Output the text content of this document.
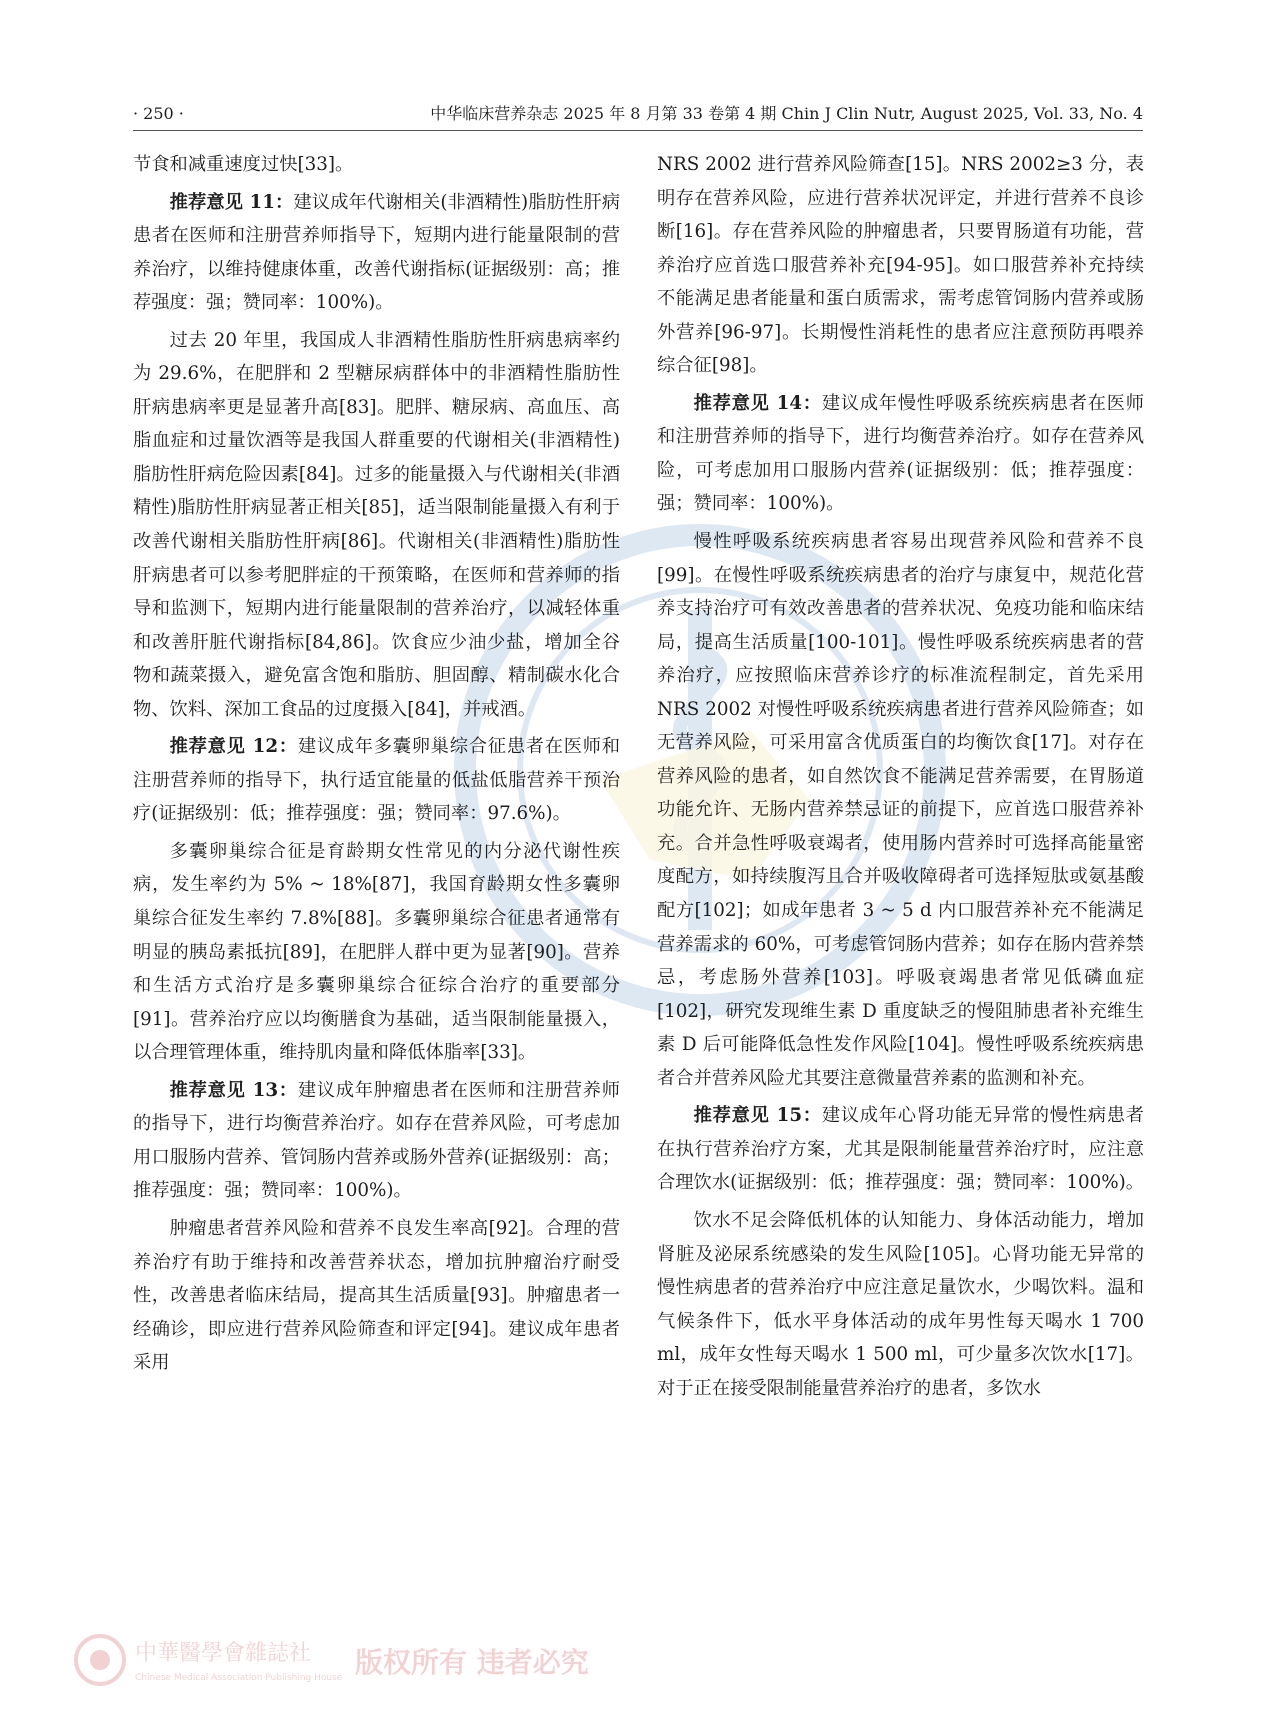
· 250 ·	中华临床营养杂志 2025 年 8 月第 33 卷第 4 期 Chin J Clin Nutr, August 2025, Vol. 33, No. 4

节食和减重速度过快[33]。

推荐意见 11：建议成年代谢相关(非酒精性)脂肪性肝病患者在医师和注册营养师指导下，短期内进行能量限制的营养治疗，以维持健康体重，改善代谢指标(证据级别：高；推荐强度：强；赞同率：100%)。

过去 20 年里，我国成人非酒精性脂肪性肝病患病率约为 29.6%，在肥胖和 2 型糖尿病群体中的非酒精性脂肪性肝病患病率更是显著升高[83]。肥胖、糖尿病、高血压、高脂血症和过量饮酒等是我国人群重要的代谢相关(非酒精性)脂肪性肝病危险因素[84]。过多的能量摄入与代谢相关(非酒精性)脂肪性肝病显著正相关[85]，适当限制能量摄入有利于改善代谢相关脂肪性肝病[86]。代谢相关(非酒精性)脂肪性肝病患者可以参考肥胖症的干预策略，在医师和营养师的指导和监测下，短期内进行能量限制的营养治疗，以减轻体重和改善肝脏代谢指标[84,86]。饮食应少油少盐，增加全谷物和蔬菜摄入，避免富含饱和脂肪、胆固醇、精制碳水化合物、饮料、深加工食品的过度摄入[84]，并戒酒。

推荐意见 12：建议成年多囊卵巢综合征患者在医师和注册营养师的指导下，执行适宜能量的低盐低脂营养干预治疗(证据级别：低；推荐强度：强；赞同率：97.6%)。

多囊卵巢综合征是育龄期女性常见的内分泌代谢性疾病，发生率约为 5% ~ 18%[87]，我国育龄期女性多囊卵巢综合征发生率约 7.8%[88]。多囊卵巢综合征患者通常有明显的胰岛素抵抗[89]，在肥胖人群中更为显著[90]。营养和生活方式治疗是多囊卵巢综合征综合治疗的重要部分[91]。营养治疗应以均衡膳食为基础，适当限制能量摄入，以合理管理体重，维持肌肉量和降低体脂率[33]。

推荐意见 13：建议成年肿瘤患者在医师和注册营养师的指导下，进行均衡营养治疗。如存在营养风险，可考虑加用口服肠内营养、管饲肠内营养或肠外营养(证据级别：高；推荐强度：强；赞同率：100%)。

肿瘤患者营养风险和营养不良发生率高[92]。合理的营养治疗有助于维持和改善营养状态，增加抗肿瘤治疗耐受性，改善患者临床结局，提高其生活质量[93]。肿瘤患者一经确诊，即应进行营养风险筛查和评定[94]。建议成年患者采用

NRS 2002 进行营养风险筛查[15]。NRS 2002≥3 分，表明存在营养风险，应进行营养状况评定，并进行营养不良诊断[16]。存在营养风险的肿瘤患者，只要胃肠道有功能，营养治疗应首选口服营养补充[94-95]。如口服营养补充持续不能满足患者能量和蛋白质需求，需考虑管饲肠内营养或肠外营养[96-97]。长期慢性消耗性的患者应注意预防再喂养综合征[98]。

推荐意见 14：建议成年慢性呼吸系统疾病患者在医师和注册营养师的指导下，进行均衡营养治疗。如存在营养风险，可考虑加用口服肠内营养(证据级别：低；推荐强度：强；赞同率：100%)。

慢性呼吸系统疾病患者容易出现营养风险和营养不良[99]。在慢性呼吸系统疾病患者的治疗与康复中，规范化营养支持治疗可有效改善患者的营养状况、免疫功能和临床结局，提高生活质量[100-101]。慢性呼吸系统疾病患者的营养治疗，应按照临床营养诊疗的标准流程制定，首先采用 NRS 2002 对慢性呼吸系统疾病患者进行营养风险筛查；如无营养风险，可采用富含优质蛋白的均衡饮食[17]。对存在营养风险的患者，如自然饮食不能满足营养需要，在胃肠道功能允许、无肠内营养禁忌证的前提下，应首选口服营养补充。合并急性呼吸衰竭者，使用肠内营养时可选择高能量密度配方，如持续腹泻且合并吸收障碍者可选择短肽或氨基酸配方[102]；如成年患者 3 ~ 5 d 内口服营养补充不能满足营养需求的 60%，可考虑管饲肠内营养；如存在肠内营养禁忌，考虑肠外营养[103]。呼吸衰竭患者常见低磷血症[102]，研究发现维生素 D 重度缺乏的慢阻肺患者补充维生素 D 后可能降低急性发作风险[104]。慢性呼吸系统疾病患者合并营养风险尤其要注意微量营养素的监测和补充。

推荐意见 15：建议成年心肾功能无异常的慢性病患者在执行营养治疗方案，尤其是限制能量营养治疗时，应注意合理饮水(证据级别：低；推荐强度：强；赞同率：100%)。

饮水不足会降低机体的认知能力、身体活动能力，增加肾脏及泌尿系统感染的发生风险[105]。心肾功能无异常的慢性病患者的营养治疗中应注意足量饮水，少喝饮料。温和气候条件下，低水平身体活动的成年男性每天喝水 1 700 ml，成年女性每天喝水 1 500 ml，可少量多次饮水[17]。对于正在接受限制能量营养治疗的患者，多饮水

中華醫學會雜誌社
Chinese Medical Association Publishing House 版权所有 违者必究
